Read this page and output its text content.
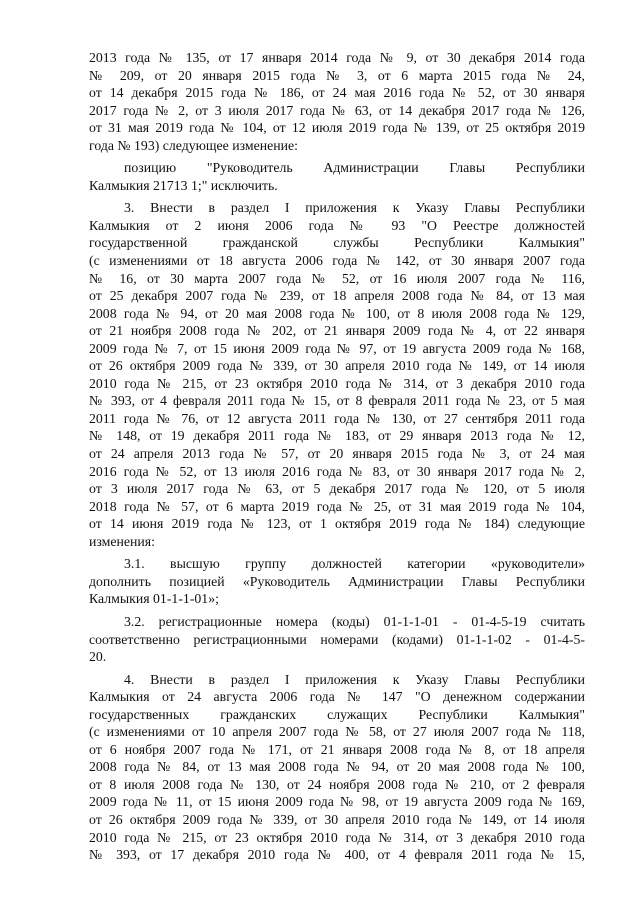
2013 года № 135, от 17 января 2014 года № 9, от 30 декабря 2014 года
№ 209, от 20 января 2015 года № 3, от 6 марта 2015 года № 24,
от 14 декабря 2015 года № 186, от 24 мая 2016 года № 52, от 30 января
2017 года № 2, от 3 июля 2017 года № 63, от 14 декабря 2017 года № 126,
от 31 мая 2019 года № 104, от 12 июля 2019 года № 139, от 25 октября 2019
года № 193) следующее изменение:
позицию "Руководитель Администрации Главы Республики
Калмыкия 21713 1;" исключить.
3. Внести в раздел I приложения к Указу Главы Республики
Калмыкия от 2 июня 2006 года № 93 "О Реестре должностей
государственной гражданской службы Республики Калмыкия"
(с изменениями от 18 августа 2006 года № 142, от 30 января 2007 года
№ 16, от 30 марта 2007 года № 52, от 16 июля 2007 года № 116,
от 25 декабря 2007 года № 239, от 18 апреля 2008 года № 84, от 13 мая
2008 года № 94, от 20 мая 2008 года № 100, от 8 июля 2008 года № 129,
от 21 ноября 2008 года № 202, от 21 января 2009 года № 4, от 22 января
2009 года № 7, от 15 июня 2009 года № 97, от 19 августа 2009 года № 168,
от 26 октября 2009 года № 339, от 30 апреля 2010 года № 149, от 14 июля
2010 года № 215, от 23 октября 2010 года № 314, от 3 декабря 2010 года
№ 393, от 4 февраля 2011 года № 15, от 8 февраля 2011 года № 23, от 5 мая
2011 года № 76, от 12 августа 2011 года № 130, от 27 сентября 2011 года
№ 148, от 19 декабря 2011 года № 183, от 29 января 2013 года № 12,
от 24 апреля 2013 года № 57, от 20 января 2015 года № 3, от 24 мая
2016 года № 52, от 13 июля 2016 года № 83, от 30 января 2017 года № 2,
от 3 июля 2017 года № 63, от 5 декабря 2017 года № 120, от 5 июля
2018 года № 57, от 6 марта 2019 года № 25, от 31 мая 2019 года № 104,
от 14 июня 2019 года № 123, от 1 октября 2019 года № 184) следующие
изменения:
3.1. высшую группу должностей категории «руководители»
дополнить позицией «Руководитель Администрации Главы Республики
Калмыкия 01-1-1-01»;
3.2. регистрационные номера (коды) 01-1-1-01 - 01-4-5-19 считать
соответственно регистрационными номерами (кодами) 01-1-1-02 - 01-4-5-
20.
4. Внести в раздел I приложения к Указу Главы Республики
Калмыкия от 24 августа 2006 года № 147 "О денежном содержании
государственных гражданских служащих Республики Калмыкия"
(с изменениями от 10 апреля 2007 года № 58, от 27 июля 2007 года № 118,
от 6 ноября 2007 года № 171, от 21 января 2008 года № 8, от 18 апреля
2008 года № 84, от 13 мая 2008 года № 94, от 20 мая 2008 года № 100,
от 8 июля 2008 года № 130, от 24 ноября 2008 года № 210, от 2 февраля
2009 года № 11, от 15 июня 2009 года № 98, от 19 августа 2009 года № 169,
от 26 октября 2009 года № 339, от 30 апреля 2010 года № 149, от 14 июля
2010 года № 215, от 23 октября 2010 года № 314, от 3 декабря 2010 года
№ 393, от 17 декабря 2010 года № 400, от 4 февраля 2011 года № 15,
